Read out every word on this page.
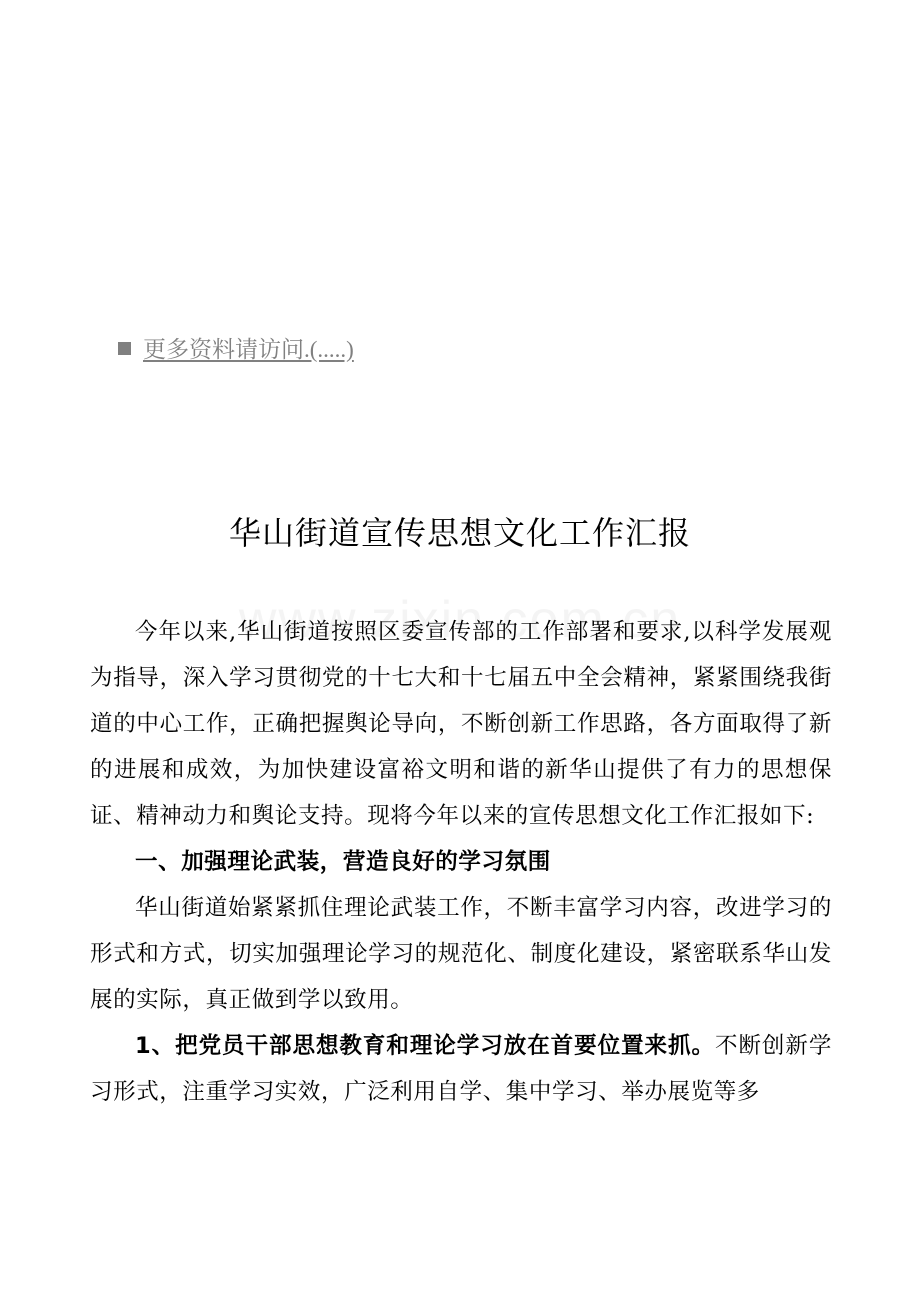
更多资料请访问.(.....)
华山街道宣传思想文化工作汇报

今年以来,华山街道按照区委宣传部的工作部署和要求,以科学发展观为指导，深入学习贯彻党的十七大和十七届五中全会精神，紧紧围绕我街道的中心工作，正确把握舆论导向，不断创新工作思路，各方面取得了新的进展和成效，为加快建设富裕文明和谐的新华山提供了有力的思想保证、精神动力和舆论支持。现将今年以来的宣传思想文化工作汇报如下:

一、加强理论武装，营造良好的学习氛围

华山街道始紧紧抓住理论武装工作，不断丰富学习内容，改进学习的形式和方式，切实加强理论学习的规范化、制度化建设，紧密联系华山发展的实际，真正做到学以致用。

1、把党员干部思想教育和理论学习放在首要位置来抓。不断创新学习形式，注重学习实效，广泛利用自学、集中学习、举办展览等多
